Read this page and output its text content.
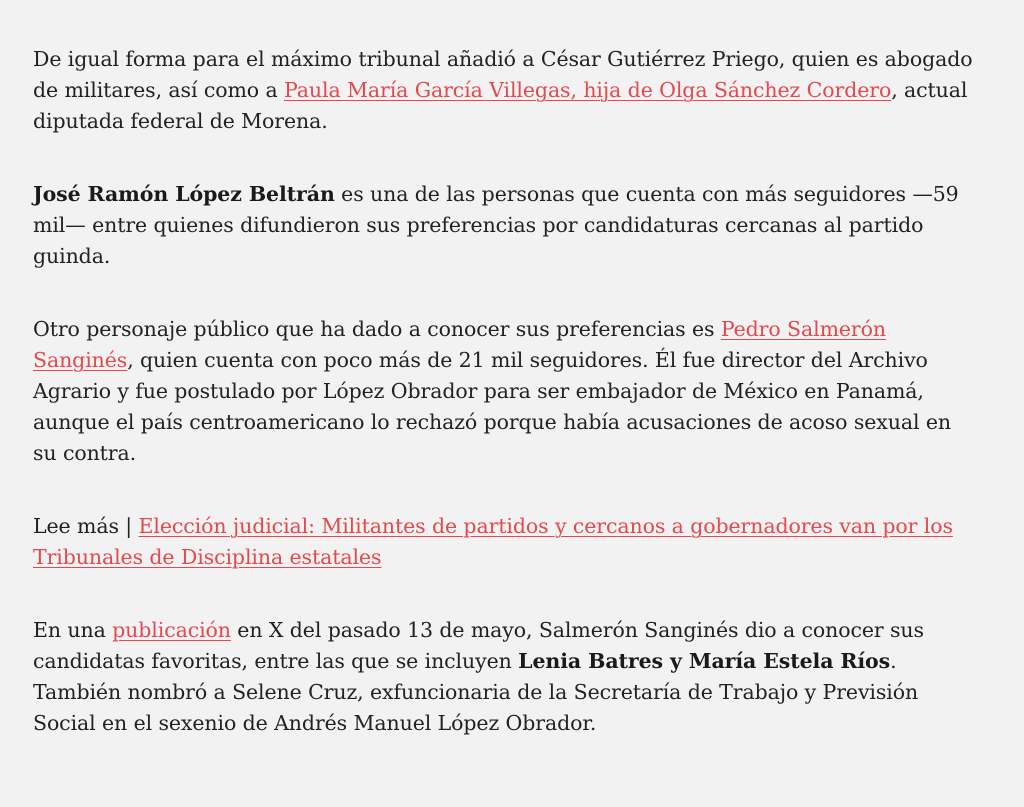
De igual forma para el máximo tribunal añadió a César Gutiérrez Priego, quien es abogado de militares, así como a Paula María García Villegas, hija de Olga Sánchez Cordero, actual diputada federal de Morena.

José Ramón López Beltrán es una de las personas que cuenta con más seguidores —59 mil— entre quienes difundieron sus preferencias por candidaturas cercanas al partido guinda.

Otro personaje público que ha dado a conocer sus preferencias es Pedro Salmerón Sanginés, quien cuenta con poco más de 21 mil seguidores. Él fue director del Archivo Agrario y fue postulado por López Obrador para ser embajador de México en Panamá, aunque el país centroamericano lo rechazó porque había acusaciones de acoso sexual en su contra.

Lee más | Elección judicial: Militantes de partidos y cercanos a gobernadores van por los Tribunales de Disciplina estatales

En una publicación en X del pasado 13 de mayo, Salmerón Sanginés dio a conocer sus candidatas favoritas, entre las que se incluyen Lenia Batres y María Estela Ríos. También nombró a Selene Cruz, exfuncionaria de la Secretaría de Trabajo y Previsión Social en el sexenio de Andrés Manuel López Obrador.
